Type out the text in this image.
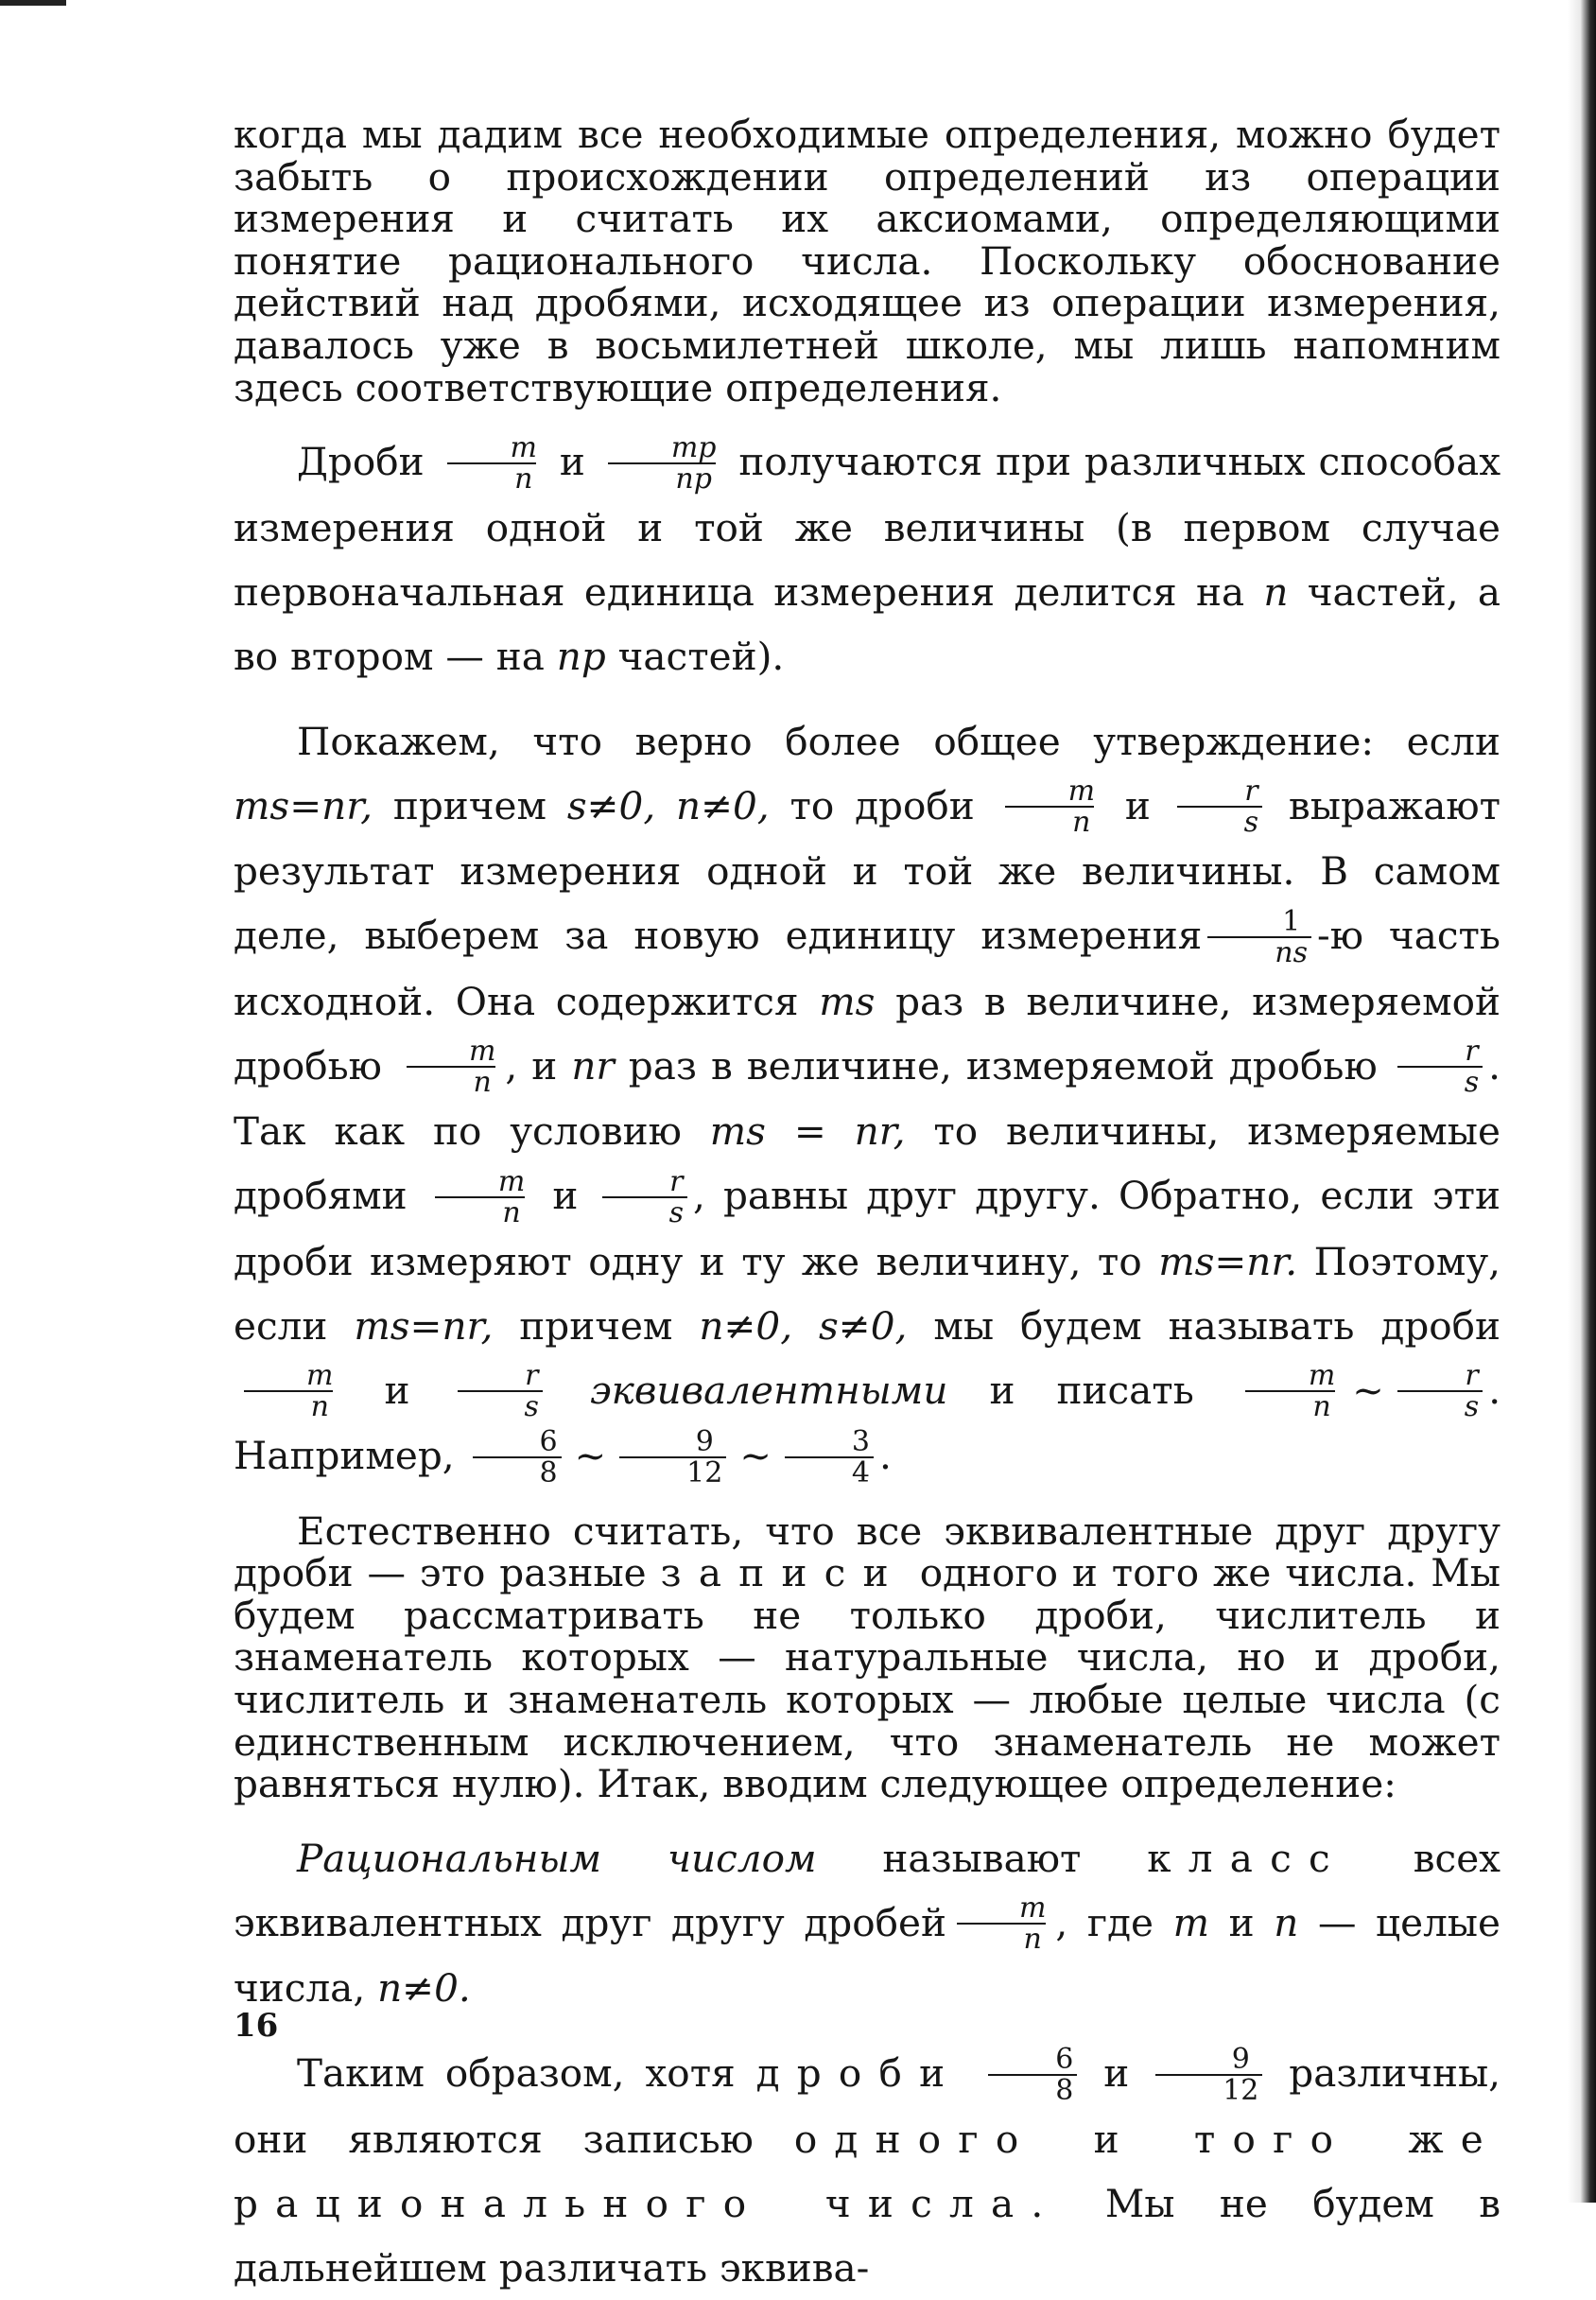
когда мы дадим все необходимые определения, можно будет забыть о происхождении определений из операции измерения и считать их аксиомами, определяющими понятие рационального числа. Поскольку обоснование действий над дробями, исходящее из операции измерения, давалось уже в восьмилетней школе, мы лишь напомним здесь соответствующие определения.

Дроби $\frac{m}{n}$ и $\frac{mp}{np}$ получаются при различных способах измерения одной и той же величины (в первом случае первоначальная единица измерения делится на n частей, а во втором — на np частей).

Покажем, что верно более общее утверждение: если ms=nr, причем s≠0, n≠0, то дроби $\frac{m}{n}$ и $\frac{r}{s}$ выражают результат измерения одной и той же величины. В самом деле, выберем за новую единицу измерения $\frac{1}{ns} -ю$ часть исходной. Она содержится ms раз в величине, измеряемой дробью $\frac{m}{n}$ , и nr раз в величине, измеряемой дробью $\frac{r}{s}$ . Так как по условию ms = nr, то величины, измеряемые дробями $\frac{m}{n}$ и $\frac{r}{s}$ , равны друг другу. Обратно, если эти дроби измеряют одну и ту же величину, то ms=nr. Поэтому, если ms=nr, причем n≠0, s≠0, мы будем называть дроби
$\frac{m}{n}$ и $\frac{r}{s}$ эквивалентными и писать $\frac{m}{n}$ ~ $\frac{r}{s}$ . Например, $\frac{6}{8}$ ~ $\frac{9}{12}$ ~ $\frac{3}{4}$ .

Естественно считать, что все эквивалентные друг другу дроби — это разные записи одного и того же числа. Мы будем рассматривать не только дроби, числитель и знаменатель которых — натуральные числа, но и дроби, числитель и знаменатель которых — любые целые числа (с единственным исключением, что знаменатель не может равняться нулю). Итак, вводим следующее определение:

Рациональным числом называют класс всех эквивалентных друг другу дробей $\frac{m}{n}$ , где m и n — целые числа, n≠0.

Таким образом, хотя дроби $\frac{6}{8}$ и $\frac{9}{12}$ различны, они являются записью одного и того же рационального числа. Мы не будем в дальнейшем различать эквива-

16
